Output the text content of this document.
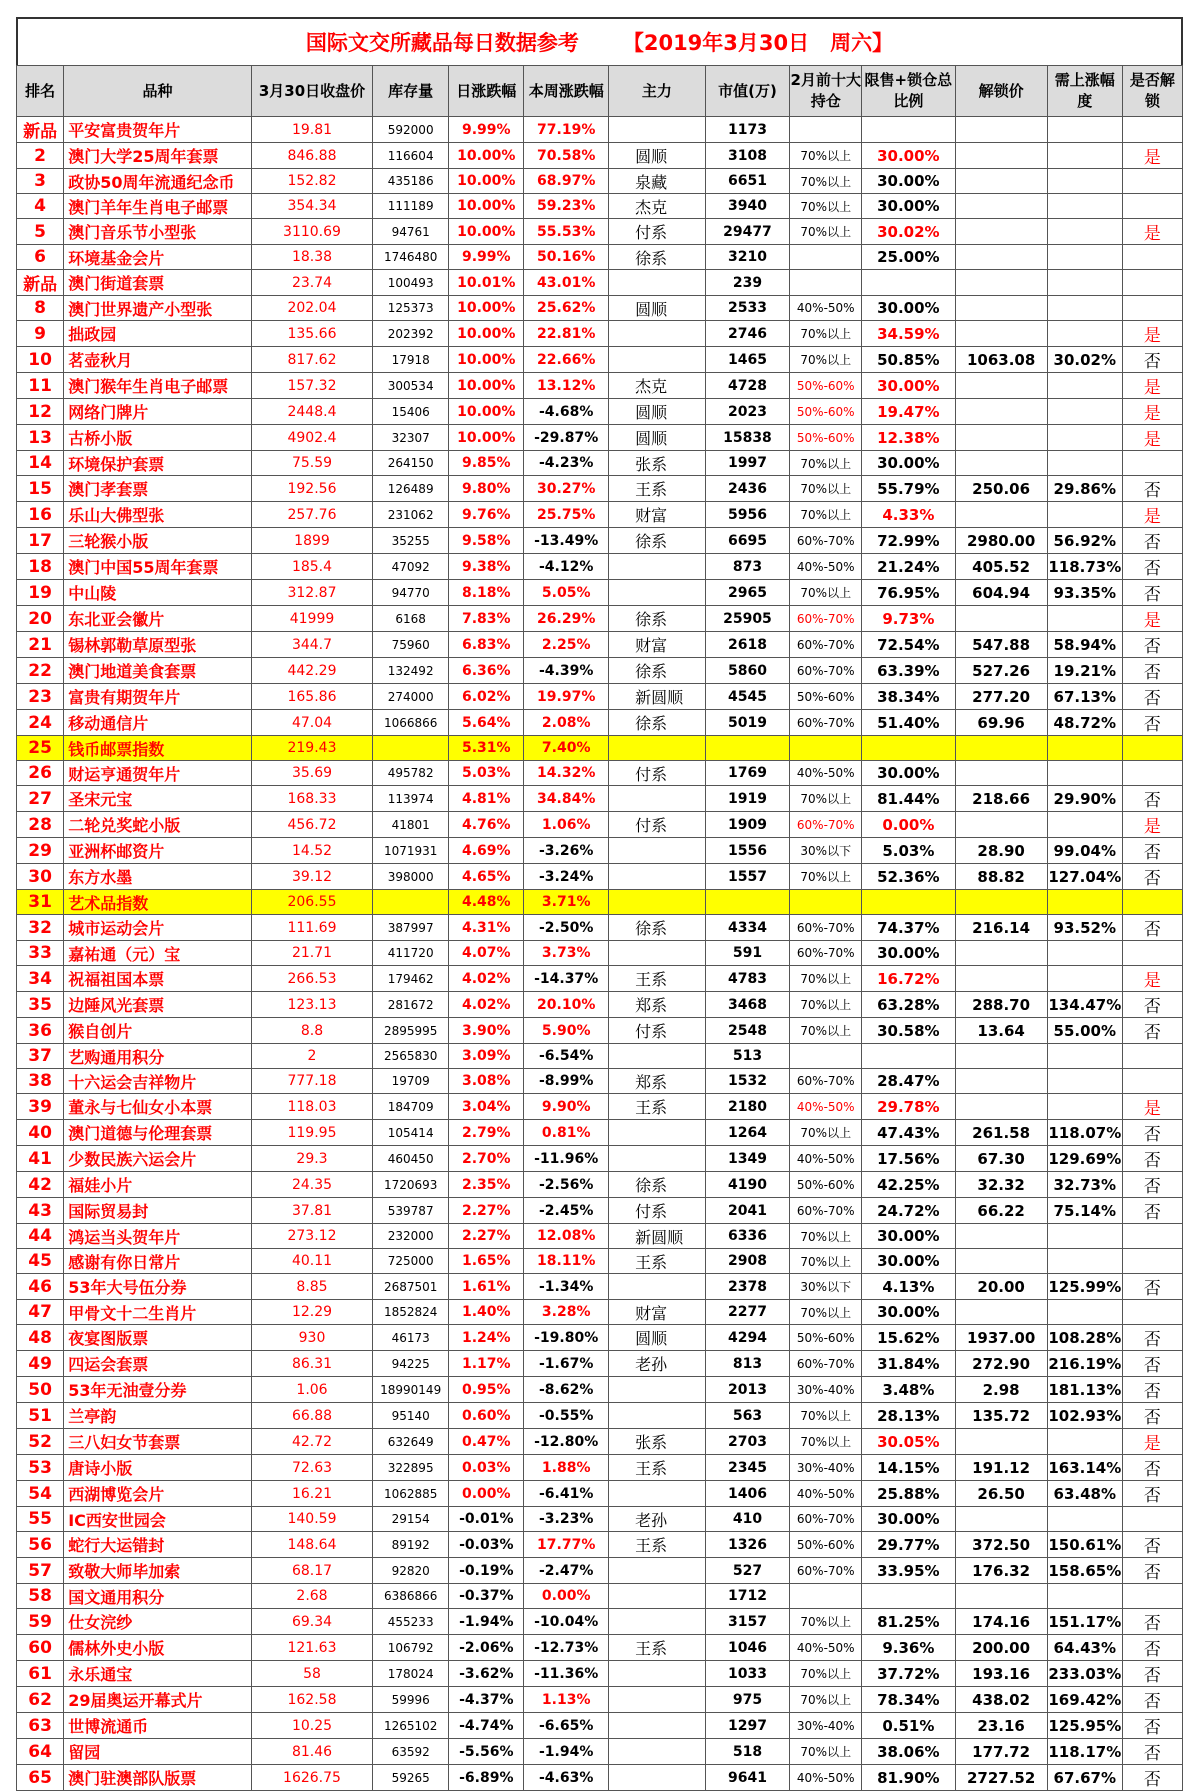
国际文交所藏品每日数据参考 【2019年3月30日　周六】
排名	品种	3月30日收盘价	库存量	日涨跌幅	本周涨跌幅	主力	市值(万)	2月前十大持仓	限售+锁仓总比例	解锁价	需上涨幅度	是否解锁
新品	平安富贵贺年片	19.81	592000	9.99%	77.19%		1173					
2	澳门大学25周年套票	846.88	116604	10.00%	70.58%	圆顺	3108	70%以上	30.00%			是
3	政协50周年流通纪念币	152.82	435186	10.00%	68.97%	泉藏	6651	70%以上	30.00%			
4	澳门羊年生肖电子邮票	354.34	111189	10.00%	59.23%	杰克	3940	70%以上	30.00%			
5	澳门音乐节小型张	3110.69	94761	10.00%	55.53%	付系	29477	70%以上	30.02%			是
6	环境基金会片	18.38	1746480	9.99%	50.16%	徐系	3210		25.00%			
新品	澳门街道套票	23.74	100493	10.01%	43.01%		239					
8	澳门世界遗产小型张	202.04	125373	10.00%	25.62%	圆顺	2533	40%-50%	30.00%			
9	拙政园	135.66	202392	10.00%	22.81%		2746	70%以上	34.59%			是
10	茗壶秋月	817.62	17918	10.00%	22.66%		1465	70%以上	50.85%	1063.08	30.02%	否
11	澳门猴年生肖电子邮票	157.32	300534	10.00%	13.12%	杰克	4728	50%-60%	30.00%			是
12	网络门牌片	2448.4	15406	10.00%	-4.68%	圆顺	2023	50%-60%	19.47%			是
13	古桥小版	4902.4	32307	10.00%	-29.87%	圆顺	15838	50%-60%	12.38%			是
14	环境保护套票	75.59	264150	9.85%	-4.23%	张系	1997	70%以上	30.00%			
15	澳门孝套票	192.56	126489	9.80%	30.27%	王系	2436	70%以上	55.79%	250.06	29.86%	否
16	乐山大佛型张	257.76	231062	9.76%	25.75%	财富	5956	70%以上	4.33%			是
17	三轮猴小版	1899	35255	9.58%	-13.49%	徐系	6695	60%-70%	72.99%	2980.00	56.92%	否
18	澳门中国55周年套票	185.4	47092	9.38%	-4.12%		873	40%-50%	21.24%	405.52	118.73%	否
19	中山陵	312.87	94770	8.18%	5.05%		2965	70%以上	76.95%	604.94	93.35%	否
20	东北亚会徽片	41999	6168	7.83%	26.29%	徐系	25905	60%-70%	9.73%			是
21	锡林郭勒草原型张	344.7	75960	6.83%	2.25%	财富	2618	60%-70%	72.54%	547.88	58.94%	否
22	澳门地道美食套票	442.29	132492	6.36%	-4.39%	徐系	5860	60%-70%	63.39%	527.26	19.21%	否
23	富贵有期贺年片	165.86	274000	6.02%	19.97%	新圆顺	4545	50%-60%	38.34%	277.20	67.13%	否
24	移动通信片	47.04	1066866	5.64%	2.08%	徐系	5019	60%-70%	51.40%	69.96	48.72%	否
25	钱币邮票指数	219.43		5.31%	7.40%							
26	财运亨通贺年片	35.69	495782	5.03%	14.32%	付系	1769	40%-50%	30.00%			
27	圣宋元宝	168.33	113974	4.81%	34.84%		1919	70%以上	81.44%	218.66	29.90%	否
28	二轮兑奖蛇小版	456.72	41801	4.76%	1.06%	付系	1909	60%-70%	0.00%			是
29	亚洲杯邮资片	14.52	1071931	4.69%	-3.26%		1556	30%以下	5.03%	28.90	99.04%	否
30	东方水墨	39.12	398000	4.65%	-3.24%		1557	70%以上	52.36%	88.82	127.04%	否
31	艺术品指数	206.55		4.48%	3.71%							
32	城市运动会片	111.69	387997	4.31%	-2.50%	徐系	4334	60%-70%	74.37%	216.14	93.52%	否
33	嘉祐通（元）宝	21.71	411720	4.07%	3.73%		591	60%-70%	30.00%			
34	祝福祖国本票	266.53	179462	4.02%	-14.37%	王系	4783	70%以上	16.72%			是
35	边陲风光套票	123.13	281672	4.02%	20.10%	郑系	3468	70%以上	63.28%	288.70	134.47%	否
36	猴自创片	8.8	2895995	3.90%	5.90%	付系	2548	70%以上	30.58%	13.64	55.00%	否
37	艺购通用积分	2	2565830	3.09%	-6.54%		513					
38	十六运会吉祥物片	777.18	19709	3.08%	-8.99%	郑系	1532	60%-70%	28.47%			
39	董永与七仙女小本票	118.03	184709	3.04%	9.90%	王系	2180	40%-50%	29.78%			是
40	澳门道德与伦理套票	119.95	105414	2.79%	0.81%		1264	70%以上	47.43%	261.58	118.07%	否
41	少数民族六运会片	29.3	460450	2.70%	-11.96%		1349	40%-50%	17.56%	67.30	129.69%	否
42	福娃小片	24.35	1720693	2.35%	-2.56%	徐系	4190	50%-60%	42.25%	32.32	32.73%	否
43	国际贸易封	37.81	539787	2.27%	-2.45%	付系	2041	60%-70%	24.72%	66.22	75.14%	否
44	鸿运当头贺年片	273.12	232000	2.27%	12.08%	新圆顺	6336	70%以上	30.00%			
45	感谢有你日常片	40.11	725000	1.65%	18.11%	王系	2908	70%以上	30.00%			
46	53年大号伍分券	8.85	2687501	1.61%	-1.34%		2378	30%以下	4.13%	20.00	125.99%	否
47	甲骨文十二生肖片	12.29	1852824	1.40%	3.28%	财富	2277	70%以上	30.00%			
48	夜宴图版票	930	46173	1.24%	-19.80%	圆顺	4294	50%-60%	15.62%	1937.00	108.28%	否
49	四运会套票	86.31	94225	1.17%	-1.67%	老孙	813	60%-70%	31.84%	272.90	216.19%	否
50	53年无油壹分券	1.06	18990149	0.95%	-8.62%		2013	30%-40%	3.48%	2.98	181.13%	否
51	兰亭韵	66.88	95140	0.60%	-0.55%		563	70%以上	28.13%	135.72	102.93%	否
52	三八妇女节套票	42.72	632649	0.47%	-12.80%	张系	2703	70%以上	30.05%			是
53	唐诗小版	72.63	322895	0.03%	1.88%	王系	2345	30%-40%	14.15%	191.12	163.14%	否
54	西湖博览会片	16.21	1062885	0.00%	-6.41%		1406	40%-50%	25.88%	26.50	63.48%	否
55	IC西安世园会	140.59	29154	-0.01%	-3.23%	老孙	410	60%-70%	30.00%			
56	蛇行大运错封	148.64	89192	-0.03%	17.77%	王系	1326	50%-60%	29.77%	372.50	150.61%	否
57	致敬大师毕加索	68.17	92820	-0.19%	-2.47%		527	60%-70%	33.95%	176.32	158.65%	否
58	国文通用积分	2.68	6386866	-0.37%	0.00%		1712					
59	仕女浣纱	69.34	455233	-1.94%	-10.04%		3157	70%以上	81.25%	174.16	151.17%	否
60	儒林外史小版	121.63	106792	-2.06%	-12.73%	王系	1046	40%-50%	9.36%	200.00	64.43%	否
61	永乐通宝	58	178024	-3.62%	-11.36%		1033	70%以上	37.72%	193.16	233.03%	否
62	29届奥运开幕式片	162.58	59996	-4.37%	1.13%		975	70%以上	78.34%	438.02	169.42%	否
63	世博流通币	10.25	1265102	-4.74%	-6.65%		1297	30%-40%	0.51%	23.16	125.95%	否
64	留园	81.46	63592	-5.56%	-1.94%		518	70%以上	38.06%	177.72	118.17%	否
65	澳门驻澳部队版票	1626.75	59265	-6.89%	-4.63%		9641	40%-50%	81.90%	2727.52	67.67%	否
